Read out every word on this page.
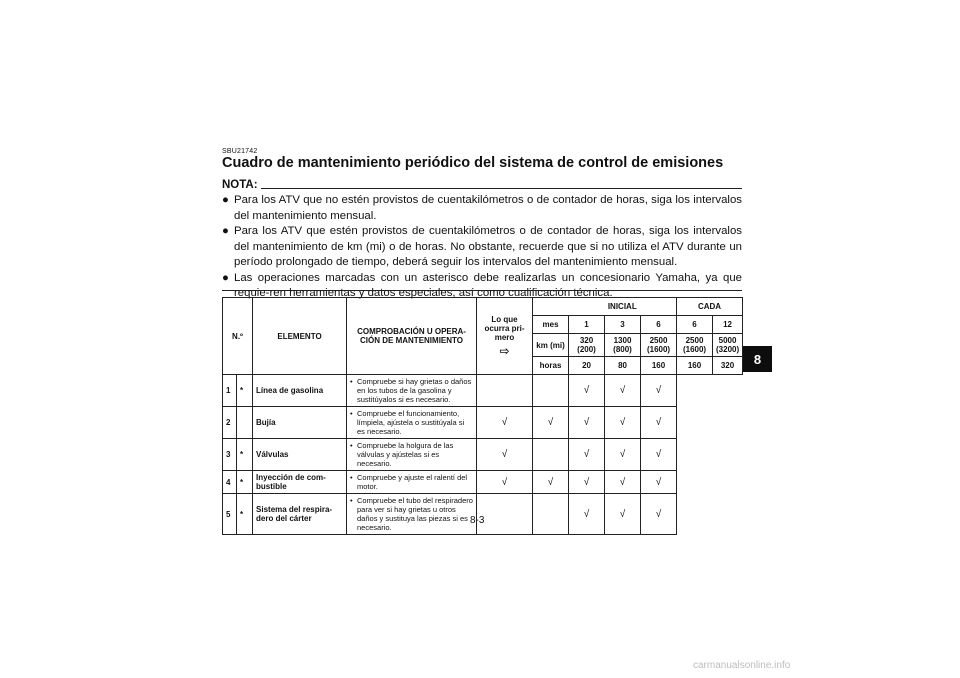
SBU21742
Cuadro de mantenimiento periódico del sistema de control de emisiones
NOTA:
● Para los ATV que no estén provistos de cuentakilómetros o de contador de horas, siga los intervalos del mantenimiento mensual.
● Para los ATV que estén provistos de cuentakilómetros o de contador de horas, siga los intervalos del mantenimiento de km (mi) o de horas. No obstante, recuerde que si no utiliza el ATV durante un período prolongado de tiempo, deberá seguir los intervalos del mantenimiento mensual.
● Las operaciones marcadas con un asterisco debe realizarlas un concesionario Yamaha, ya que requie-ren herramientas y datos especiales, así como cualificación técnica.
N.º		ELEMENTO	COMPROBACIÓN U OPERA-CIÓN DE MANTENIMIENTO	Lo que ocurra pri-mero
⇨		INICIAL			CADA	
					mes	1	3	6	6	12
					km (mi)	320 (200)	1300 (800)	2500 (1600)	2500 (1600)	5000 (3200)
					horas	20	80	160	160	320
1	*	Línea de gasolina	• Compruebe si hay grietas o daños en los tubos de la gasolina y sustitúyalos si es necesario.			√	√	√		
2		Bujía	• Compruebe el funcionamiento, límpiela, ajústela o sustitúyala si es necesario.	√	√	√	√	√		
3	*	Válvulas	• Compruebe la holgura de las válvulas y ajústelas si es necesario.	√		√	√	√		
4	*	Inyección de com-bustible	• Compruebe y ajuste el ralentí del motor.	√	√	√	√	√		
5	*	Sistema del respira-dero del cárter	• Compruebe el tubo del respiradero para ver si hay grietas u otros daños y sustituya las piezas si es necesario.			√	√	√		
8
8-3
carmanualsonline.info
